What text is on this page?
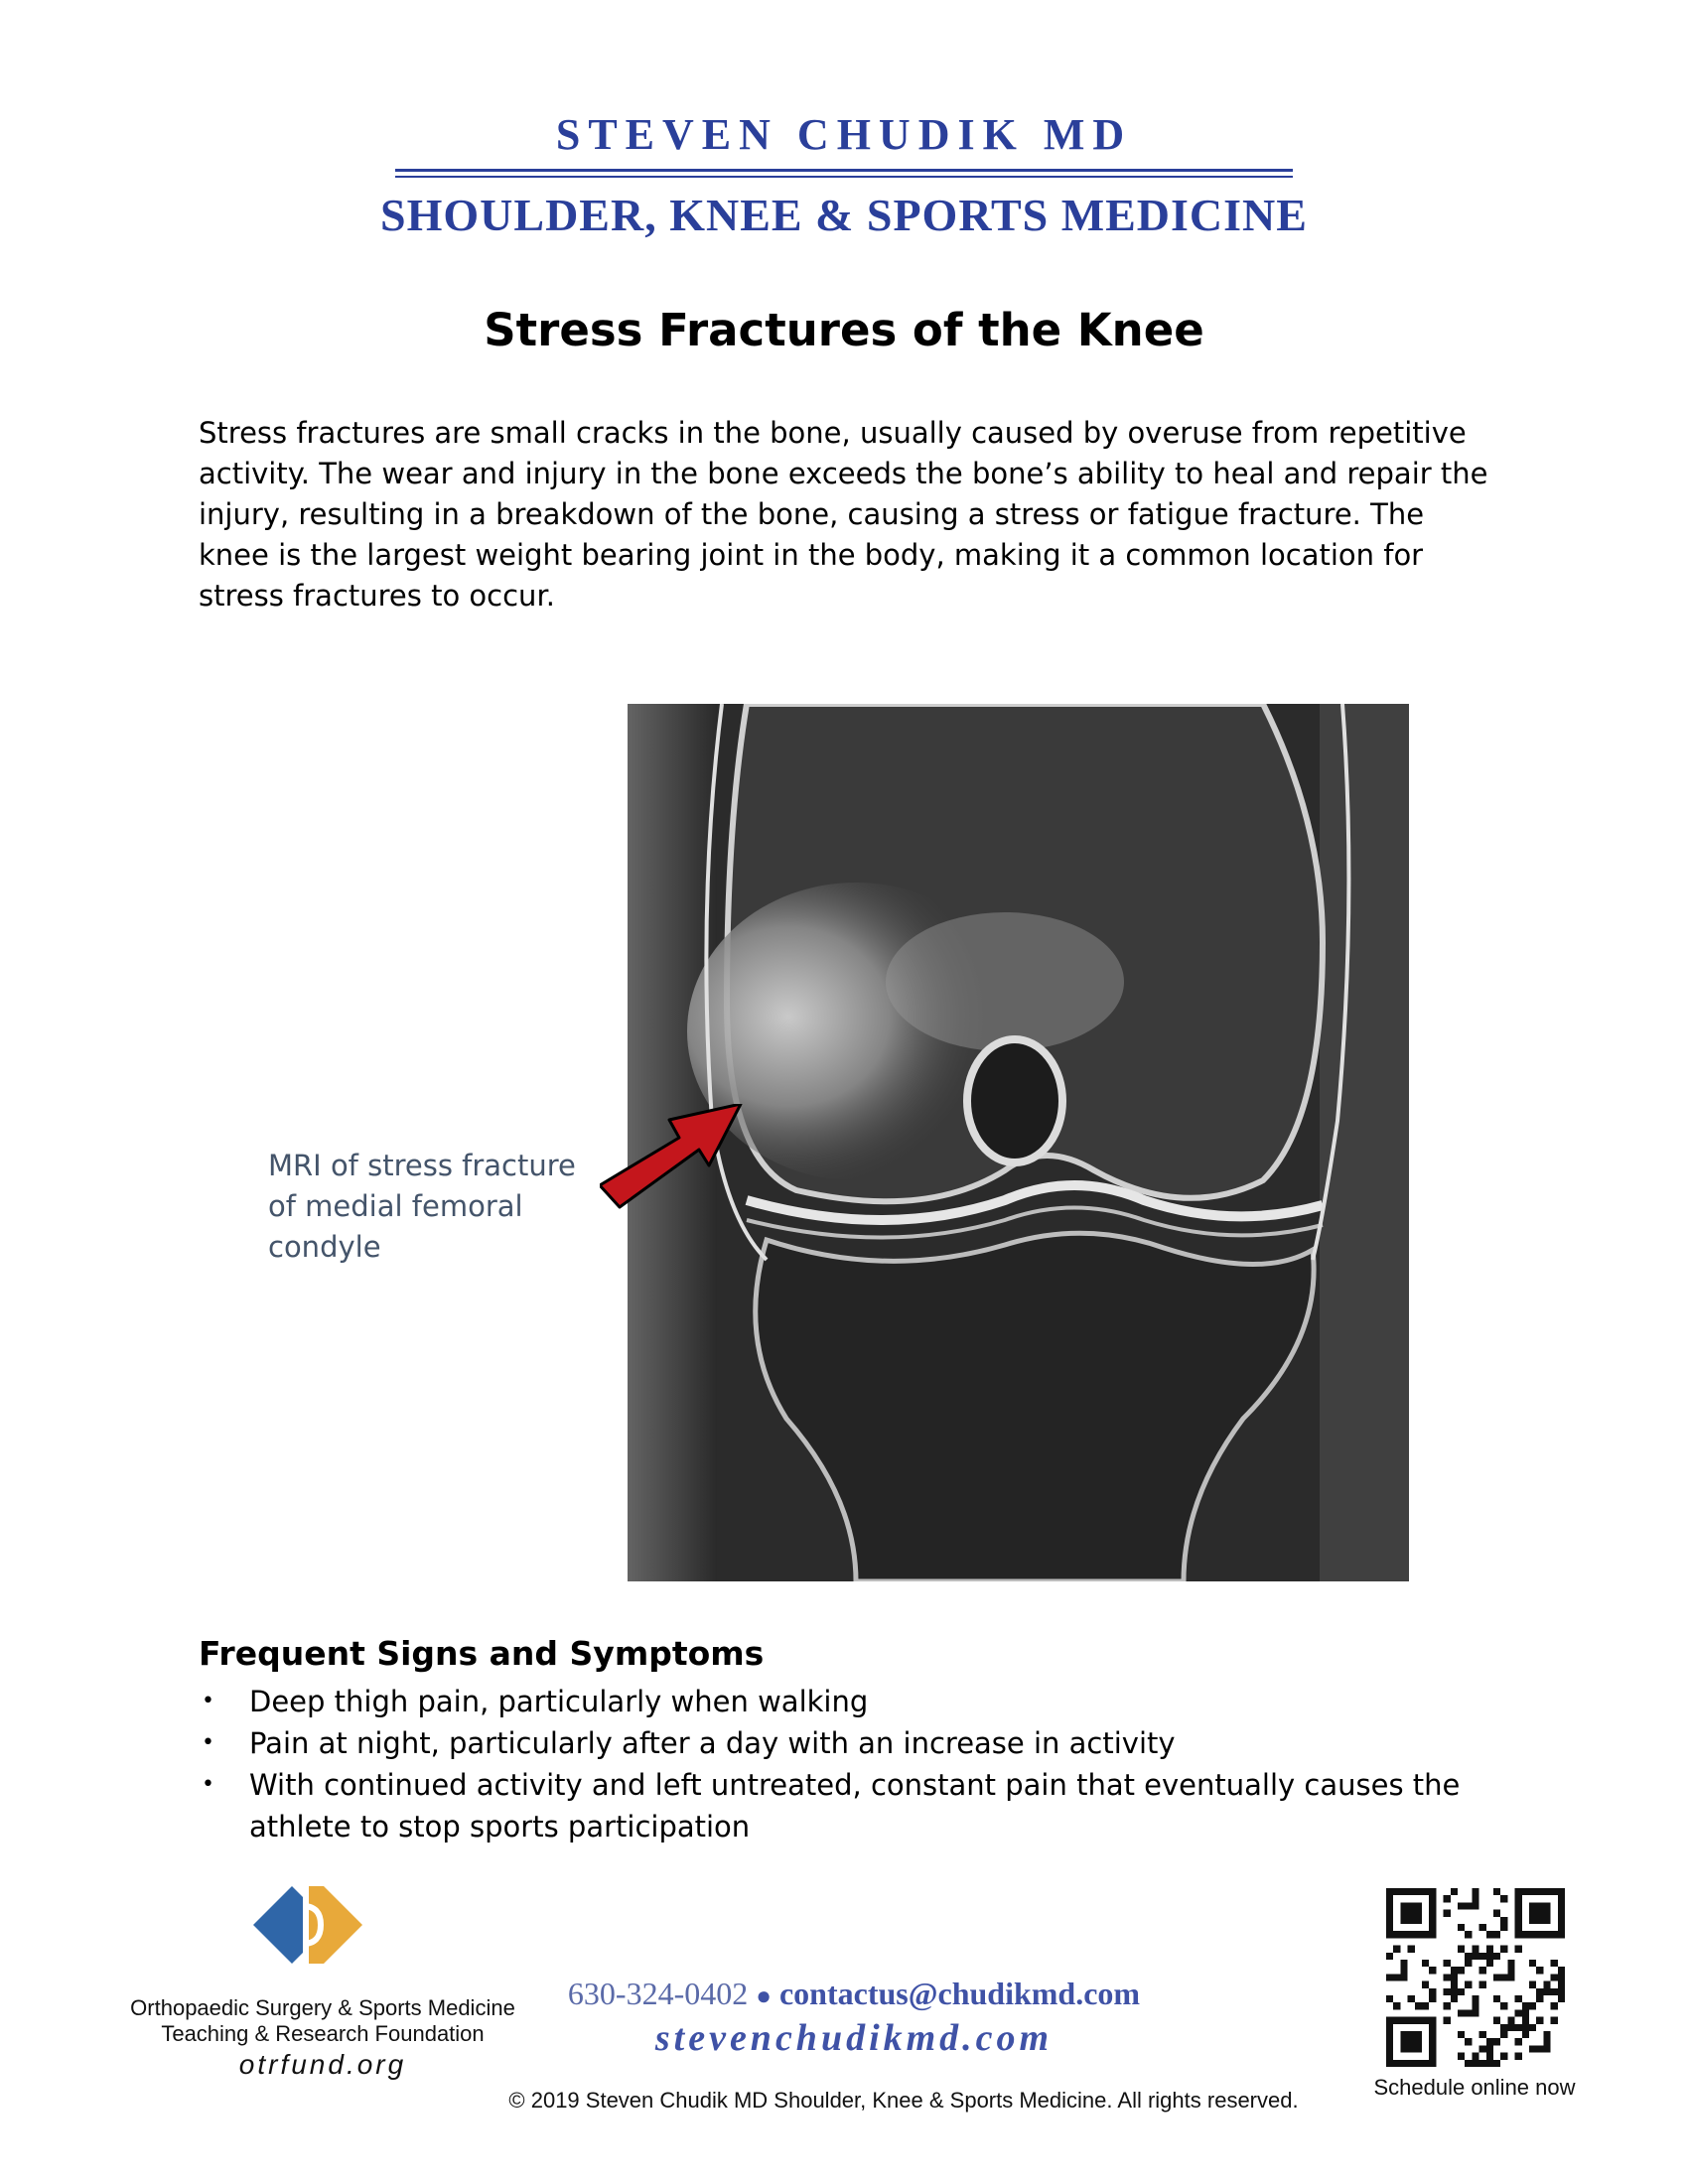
STEVEN CHUDIK MD
SHOULDER, KNEE & SPORTS MEDICINE
Stress Fractures of the Knee
Stress fractures are small cracks in the bone, usually caused by overuse from repetitive activity. The wear and injury in the bone exceeds the bone’s ability to heal and repair the injury, resulting in a breakdown of the bone, causing a stress or fatigue fracture. The knee is the largest weight bearing joint in the body, making it a common location for stress fractures to occur.
MRI of stress fracture of medial femoral condyle
Frequent Signs and Symptoms
• Deep thigh pain, particularly when walking
• Pain at night, particularly after a day with an increase in activity
• With continued activity and left untreated, constant pain that eventually causes the athlete to stop sports participation
Orthopaedic Surgery & Sports Medicine
Teaching & Research Foundation
otrfund.org
630-324-0402 ● contactus@chudikmd.com
stevenchudikmd.com
© 2019 Steven Chudik MD Shoulder, Knee & Sports Medicine. All rights reserved.
Schedule online now
